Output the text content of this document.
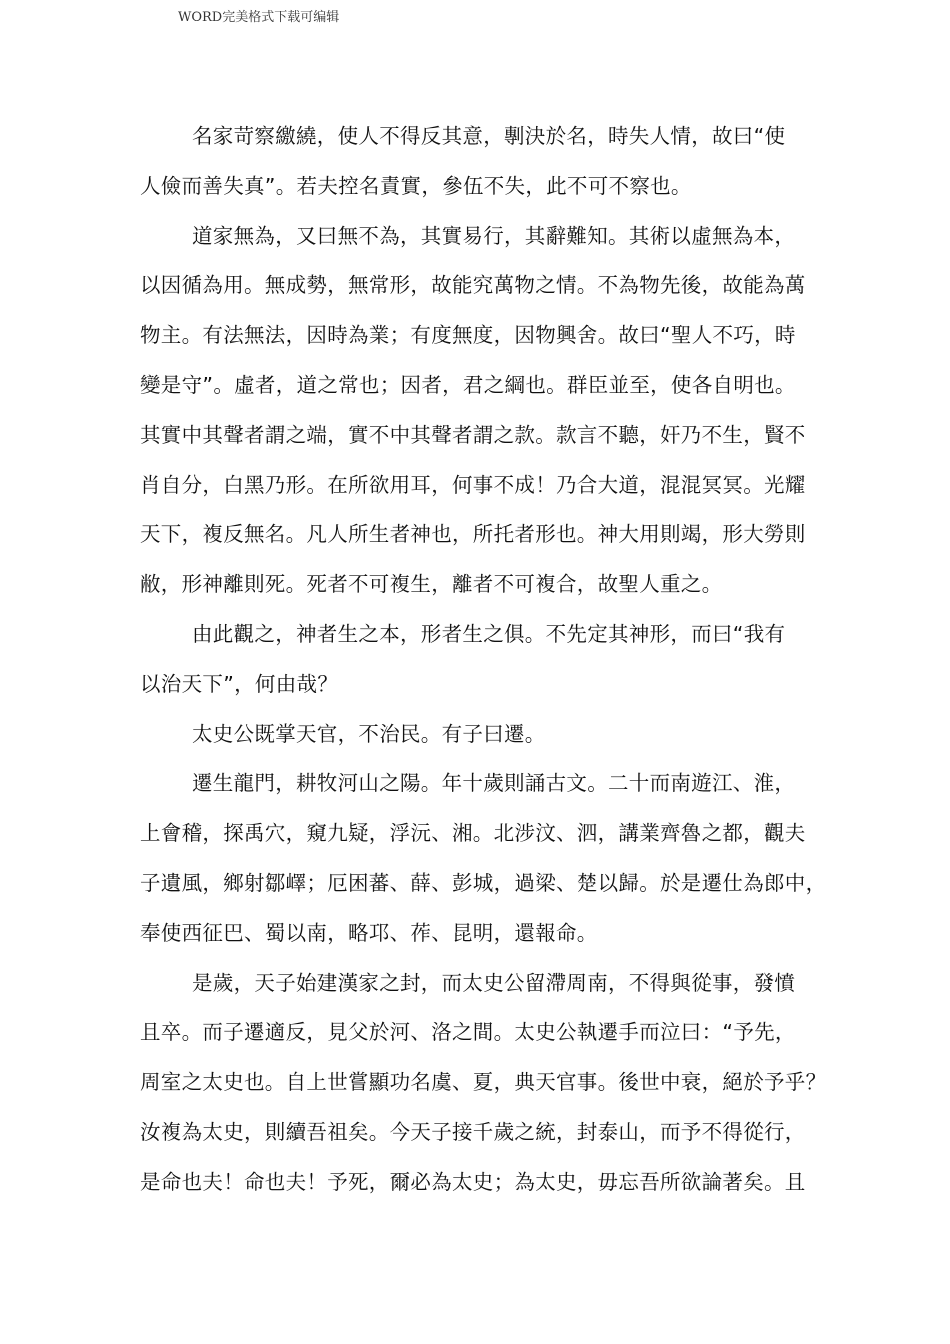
WORD完美格式下载可编辑
名家苛察繳繞，使人不得反其意，剸決於名，時失人情，故曰“使
人儉而善失真”。若夫控名責實，參伍不失，此不可不察也。
道家無為，又曰無不為，其實易行，其辭難知。其術以虛無為本，
以因循為用。無成勢，無常形，故能究萬物之情。不為物先後，故能為萬
物主。有法無法，因時為業；有度無度，因物興舍。故曰“聖人不巧，時
變是守”。虛者，道之常也；因者，君之綱也。群臣並至，使各自明也。
其實中其聲者謂之端，實不中其聲者謂之款。款言不聽，奸乃不生，賢不
肖自分，白黑乃形。在所欲用耳，何事不成！乃合大道，混混冥冥。光耀
天下，複反無名。凡人所生者神也，所托者形也。神大用則竭，形大勞則
敝，形神離則死。死者不可複生，離者不可複合，故聖人重之。
由此觀之，神者生之本，形者生之俱。不先定其神形，而曰“我有
以治天下”，何由哉？
太史公既掌天官，不治民。有子曰遷。
遷生龍門，耕牧河山之陽。年十歲則誦古文。二十而南遊江、淮，
上會稽，探禹穴，窺九疑，浮沅、湘。北涉汶、泗，講業齊魯之都，觀夫
子遺風，鄉射鄒嶧；厄困蕃、薛、彭城，過梁、楚以歸。於是遷仕為郎中，
奉使西征巴、蜀以南，略邛、莋、昆明，還報命。
是歲，天子始建漢家之封，而太史公留滯周南，不得與從事，發憤
且卒。而子遷適反，見父於河、洛之間。太史公執遷手而泣曰：“予先，
周室之太史也。自上世嘗顯功名虞、夏，典天官事。後世中衰，絕於予乎？
汝複為太史，則續吾祖矣。今天子接千歲之統，封泰山，而予不得從行，
是命也夫！命也夫！予死，爾必為太史；為太史，毋忘吾所欲論著矣。且
